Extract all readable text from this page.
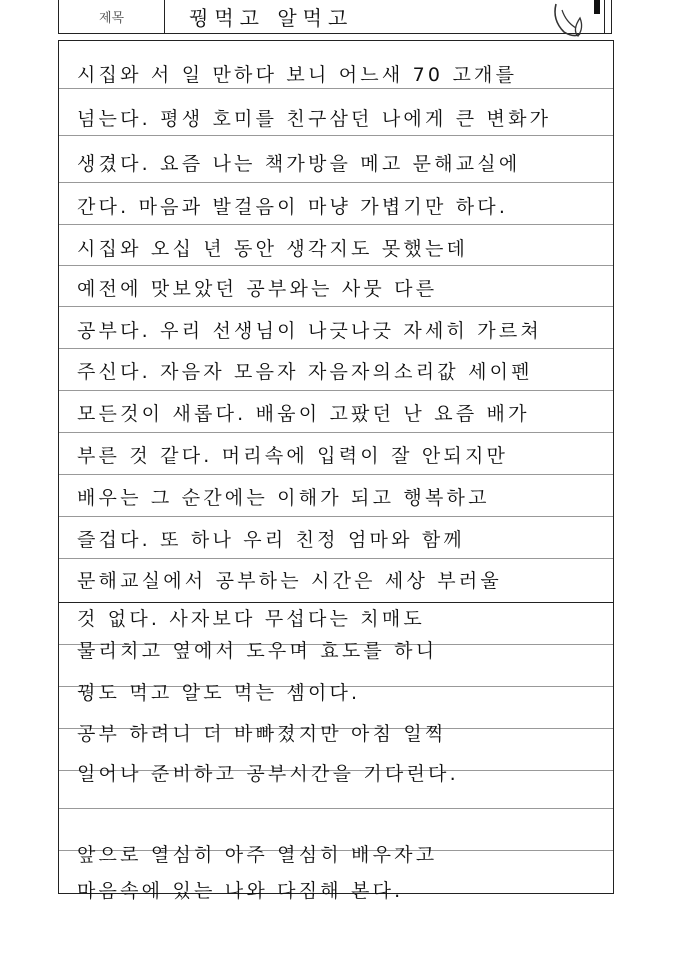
제목	꿩먹고 알먹고
시집와 서 일 만하다 보니 어느새 70 고개를
넘는다. 평생 호미를 친구삼던 나에게 큰 변화가
생겼다. 요즘 나는 책가방을 메고 문해교실에
간다. 마음과 발걸음이 마냥 가볍기만 하다.
시집와 오십 년 동안 생각지도 못했는데
예전에 맛보았던 공부와는 사뭇 다른
공부다. 우리 선생님이 나긋나긋 자세히 가르쳐
주신다. 자음자 모음자 자음자의소리값 세이펜
모든것이 새롭다. 배움이 고팠던 난 요즘 배가
부른 것 같다. 머리속에 입력이 잘 안되지만
배우는 그 순간에는 이해가 되고 행복하고
즐겁다. 또 하나 우리 친정 엄마와 함께
문해교실에서 공부하는 시간은 세상 부러울
것 없다. 사자보다 무섭다는 치매도
물리치고 옆에서 도우며 효도를 하니
꿩도 먹고 알도 먹는 셈이다.
공부 하려니 더 바빠졌지만 아침 일찍
일어나 준비하고 공부시간을 기다린다.
앞으로 열심히 아주 열심히 배우자고
마음속에 있는 나와 다짐해 본다.
